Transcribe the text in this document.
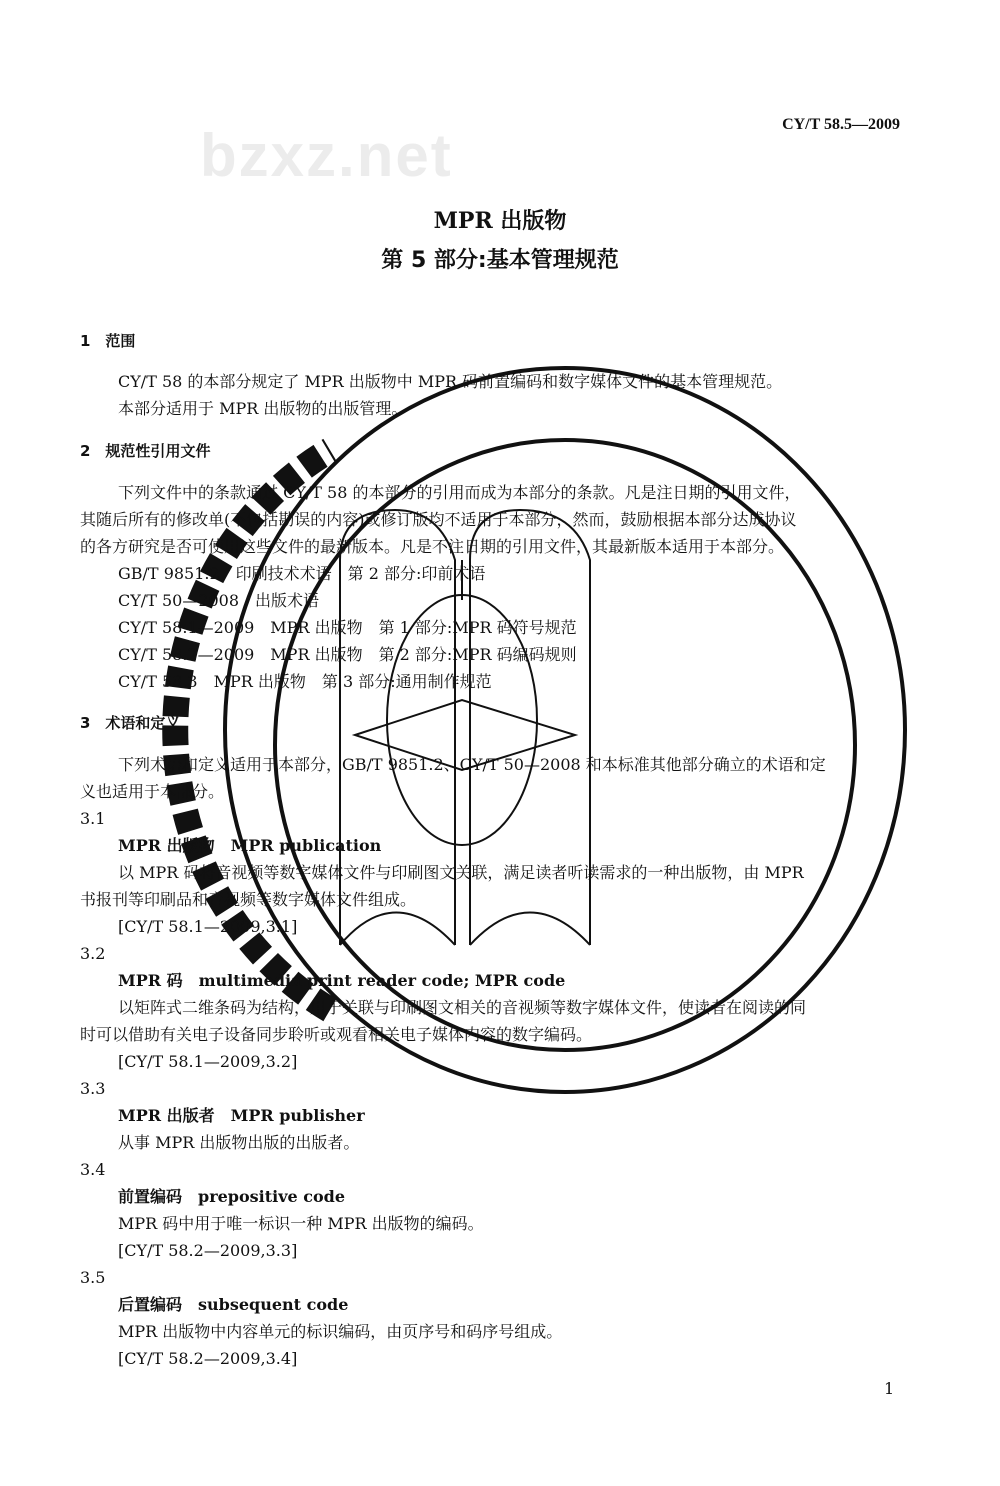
bzxz.net	CY/T 58.5—2009
MPR 出版物
第 5 部分:基本管理规范
1　范围
CY/T 58 的本部分规定了 MPR 出版物中 MPR 码前置编码和数字媒体文件的基本管理规范。
本部分适用于 MPR 出版物的出版管理。
2　规范性引用文件
下列文件中的条款通过 CY/T 58 的本部分的引用而成为本部分的条款。凡是注日期的引用文件，
其随后所有的修改单(不包括勘误的内容)或修订版均不适用于本部分，然而，鼓励根据本部分达成协议
的各方研究是否可使用这些文件的最新版本。凡是不注日期的引用文件，其最新版本适用于本部分。
GB/T 9851.2　印刷技术术语　第 2 部分:印前术语
CY/T 50—2008　出版术语
CY/T 58.1—2009　MPR 出版物　第 1 部分:MPR 码符号规范
CY/T 58.2—2009　MPR 出版物　第 2 部分:MPR 码编码规则
CY/T 58.3　MPR 出版物　第 3 部分:通用制作规范
3　术语和定义
下列术语和定义适用于本部分，GB/T 9851.2、CY/T 50—2008 和本标准其他部分确立的术语和定
义也适用于本部分。
3.1
MPR 出版物　MPR publication
以 MPR 码将音视频等数字媒体文件与印刷图文关联，满足读者听读需求的一种出版物，由 MPR
书报刊等印刷品和音视频等数字媒体文件组成。
[CY/T 58.1—2009,3.1]
3.2
MPR 码　multimedia print reader code; MPR code
以矩阵式二维条码为结构，用于关联与印刷图文相关的音视频等数字媒体文件，使读者在阅读的同
时可以借助有关电子设备同步聆听或观看相关电子媒体内容的数字编码。
[CY/T 58.1—2009,3.2]
3.3
MPR 出版者　MPR publisher
从事 MPR 出版物出版的出版者。
3.4
前置编码　prepositive code
MPR 码中用于唯一标识一种 MPR 出版物的编码。
[CY/T 58.2—2009,3.3]
3.5
后置编码　subsequent code
MPR 出版物中内容单元的标识编码，由页序号和码序号组成。
[CY/T 58.2—2009,3.4]
1
